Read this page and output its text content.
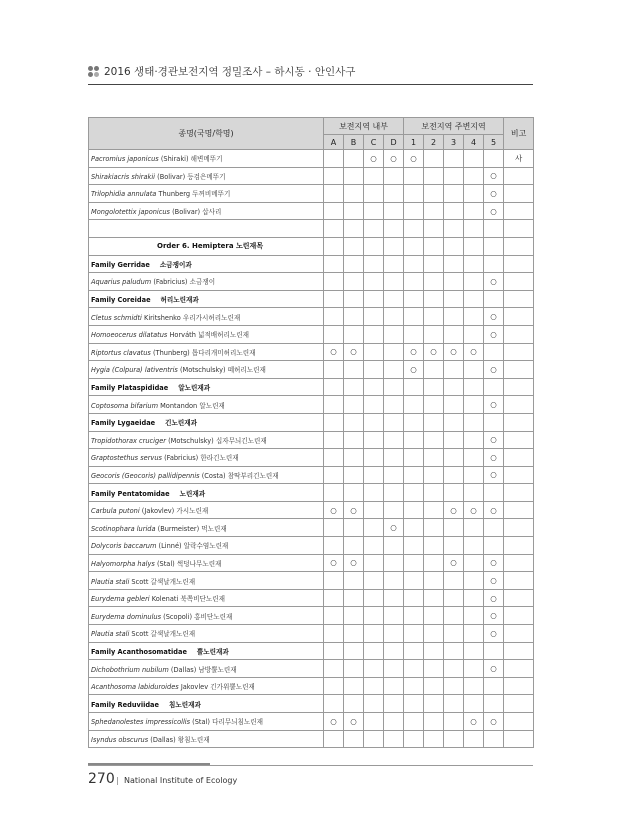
2016 생태·경관보전지역 정밀조사 – 하시동 · 안인사구
종명(국명/학명)	보전지역 내부				보전지역 주변지역					비고
	A	B	C	D	1	2	3	4	5	
Pacromius japonicus (Shiraki) 해변메뚜기			○	○	○					사
Shirakiacris shirakii (Bolivar) 등검은메뚜기									○	
Trilophidia annulata Thunberg 두꺼비메뚜기									○	
Mongolotettix japonicus (Bolivar) 삽사리									○	

Order 6. Hemiptera 노린재목										
Family Gerridae 소금쟁이과										
Aquarius paludum (Fabricius) 소금쟁이									○	
Family Coreidae 허리노린재과										
Cletus schmidti Kiritshenko 우리가시허리노린재									○	
Homoeocerus dilatatus Horváth 넓적배허리노린재									○	
Riptortus clavatus (Thunberg) 톱다리개미허리노린재	○	○			○	○	○	○		
Hygia (Colpura) lativentris (Motschulsky) 떼허리노린재					○				○	
Family Plataspididae 알노린재과										
Coptosoma bifarium Montandon 알노린재									○	
Family Lygaeidae 긴노린재과										
Tropidothorax cruciger (Motschulsky) 십자무늬긴노린재									○	
Graptostethus servus (Fabricius) 한라긴노린재									○	
Geocoris (Geocoris) pallidipennis (Costa) 참딱부리긴노린재									○	
Family Pentatomidae 노린재과										
Carbula putoni (Jakovlev) 가시노린재	○	○					○	○	○	
Scotinophara lurida (Burmeister) 먹노린재				○						
Dolycoris baccarum (Linné) 알락수염노린재										
Halyomorpha halys (Stal) 썩덩나무노린재	○	○					○		○	
Plautia stali Scott 갈색날개노린재									○	
Eurydema gebleri Kolenati 북쪽비단노린재									○	
Eurydema dominulus (Scopoli) 홍비단노린재									○	
Plautia stali Scott 갈색날개노린재									○	
Family Acanthosomatidae 뿔노린재과										
Dichobothrium nubilum (Dallas) 남방뿔노린재									○	
Acanthosoma labiduroides Jakovlev 긴가위뿔노린재										
Family Reduviidae 침노린재과										
Sphedanolestes impressicollis (Stal) 다리무늬침노린재	○	○						○	○	
Isyndus obscurus (Dallas) 왕침노린재										
270 | National Institute of Ecology
